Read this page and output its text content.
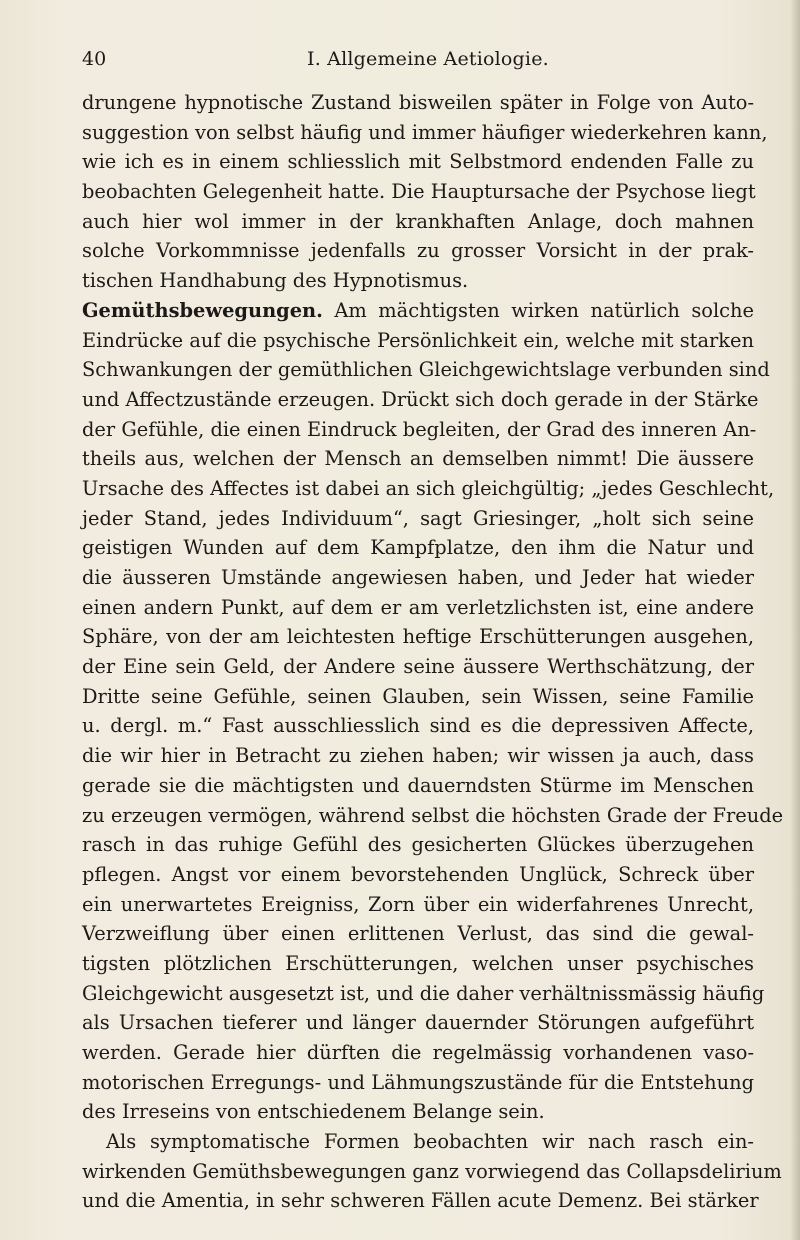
40	I. Allgemeine Aetiologie.
drungene hypnotische Zustand bisweilen später in Folge von Auto-
suggestion von selbst häufig und immer häufiger wiederkehren kann,
wie ich es in einem schliesslich mit Selbstmord endenden Falle zu
beobachten Gelegenheit hatte. Die Hauptursache der Psychose liegt
auch hier wol immer in der krankhaften Anlage, doch mahnen
solche Vorkommnisse jedenfalls zu grosser Vorsicht in der prak-
tischen Handhabung des Hypnotismus.
Gemüthsbewegungen. Am mächtigsten wirken natürlich solche
Eindrücke auf die psychische Persönlichkeit ein, welche mit starken
Schwankungen der gemüthlichen Gleichgewichtslage verbunden sind
und Affectzustände erzeugen. Drückt sich doch gerade in der Stärke
der Gefühle, die einen Eindruck begleiten, der Grad des inneren An-
theils aus, welchen der Mensch an demselben nimmt! Die äussere
Ursache des Affectes ist dabei an sich gleichgültig; „jedes Geschlecht,
jeder Stand, jedes Individuum“, sagt Griesinger, „holt sich seine
geistigen Wunden auf dem Kampfplatze, den ihm die Natur und
die äusseren Umstände angewiesen haben, und Jeder hat wieder
einen andern Punkt, auf dem er am verletzlichsten ist, eine andere
Sphäre, von der am leichtesten heftige Erschütterungen ausgehen,
der Eine sein Geld, der Andere seine äussere Werthschätzung, der
Dritte seine Gefühle, seinen Glauben, sein Wissen, seine Familie
u. dergl. m.“ Fast ausschliesslich sind es die depressiven Affecte,
die wir hier in Betracht zu ziehen haben; wir wissen ja auch, dass
gerade sie die mächtigsten und dauerndsten Stürme im Menschen
zu erzeugen vermögen, während selbst die höchsten Grade der Freude
rasch in das ruhige Gefühl des gesicherten Glückes überzugehen
pflegen. Angst vor einem bevorstehenden Unglück, Schreck über
ein unerwartetes Ereigniss, Zorn über ein widerfahrenes Unrecht,
Verzweiflung über einen erlittenen Verlust, das sind die gewal-
tigsten plötzlichen Erschütterungen, welchen unser psychisches
Gleichgewicht ausgesetzt ist, und die daher verhältnissmässig häufig
als Ursachen tieferer und länger dauernder Störungen aufgeführt
werden. Gerade hier dürften die regelmässig vorhandenen vaso-
motorischen Erregungs- und Lähmungszustände für die Entstehung
des Irreseins von entschiedenem Belange sein.
Als symptomatische Formen beobachten wir nach rasch ein-
wirkenden Gemüthsbewegungen ganz vorwiegend das Collapsdelirium
und die Amentia, in sehr schweren Fällen acute Demenz. Bei stärker
